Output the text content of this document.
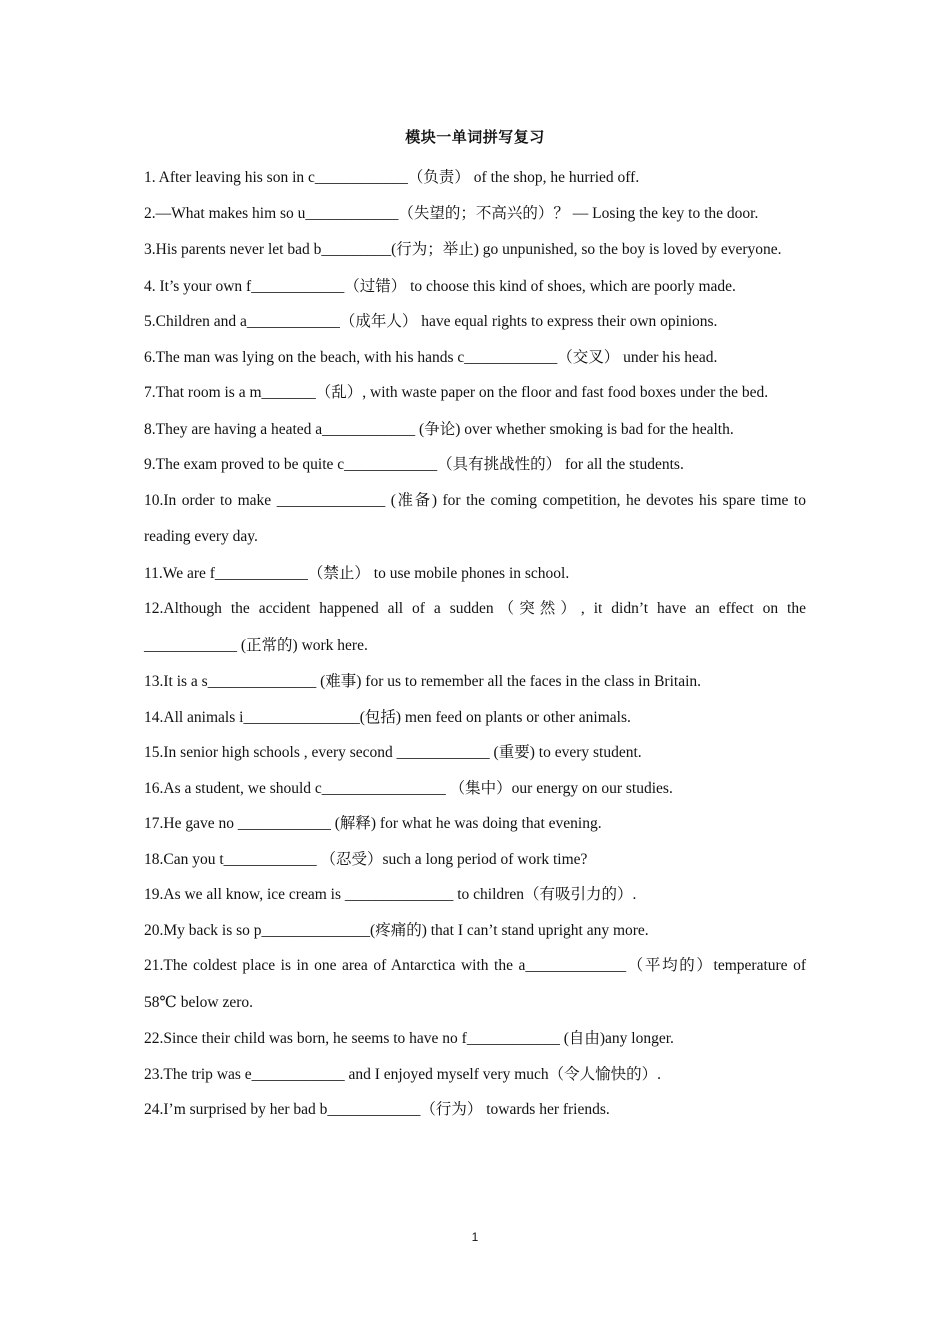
模块一单词拼写复习

1. After leaving his son in c____________（负责） of the shop, he hurried off.

2.—What makes him so u____________（失望的；不高兴的）？ — Losing the key to the door.

3.His parents never let bad b_________(行为；举止) go unpunished, so the boy is loved by everyone.

4. It’s your own f____________（过错） to choose this kind of shoes, which are poorly made.

5.Children and a____________（成年人） have equal rights to express their own opinions.

6.The man was lying on the beach, with his hands c____________（交叉） under his head.

7.That room is a m_______（乱）, with waste paper on the floor and fast food boxes under the bed.

8.They are having a heated a____________ (争论) over whether smoking is bad for the health.

9.The exam proved to be quite c____________（具有挑战性的） for all the students.

10.In order to make ______________ (准备) for the coming competition, he devotes his spare time to reading every day.

11.We are f____________（禁止） to use mobile phones in school.

12.Although the accident happened all of a sudden（突然）, it didn’t have an effect on the ____________ (正常的) work here.

13.It is a s______________ (难事) for us to remember all the faces in the class in Britain.

14.All animals i_______________(包括) men feed on plants or other animals.

15.In senior high schools , every second ____________ (重要) to every student.

16.As a student, we should c________________ （集中）our energy on our studies.

17.He gave no ____________ (解释) for what he was doing that evening.

18.Can you t____________ （忍受）such a long period of work time?

19.As we all know, ice cream is ______________ to children（有吸引力的）.

20.My back is so p______________(疼痛的) that I can’t stand upright any more.

21.The coldest place is in one area of Antarctica with the a_____________（平均的）temperature of 58℃ below zero.

22.Since their child was born, he seems to have no f____________ (自由)any longer.

23.The trip was e____________ and I enjoyed myself very much（令人愉快的）.

24.I’m surprised by her bad b____________（行为） towards her friends.

1
